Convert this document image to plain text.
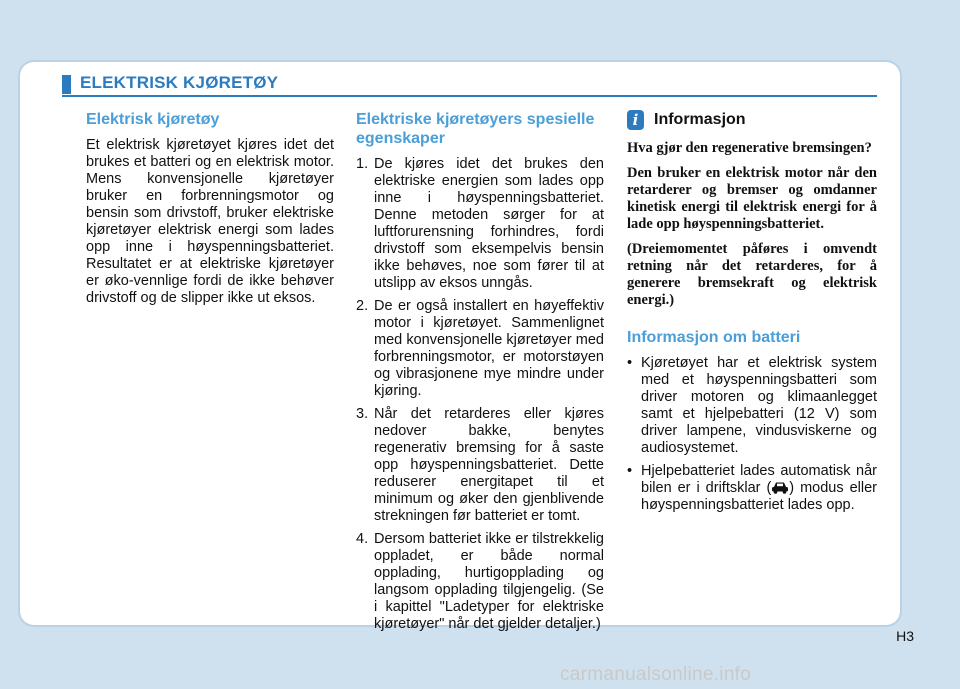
ELEKTRISK KJØRETØY
Elektrisk kjøretøy

Et elektrisk kjøretøyet kjøres idet det brukes et batteri og en elektrisk motor. Mens konvensjonelle kjøretøyer bruker en forbrenningsmotor og bensin som drivstoff, bruker elektriske kjøretøyer elektrisk energi som lades opp inne i høyspenningsbatteriet. Resultatet er at elektriske kjøretøyer er øko-vennlige fordi de ikke behøver drivstoff og de slipper ikke ut eksos.

Elektriske kjøretøyers spesielle egenskaper
1. De kjøres idet det brukes den elektriske energien som lades opp inne i høyspenningsbatteriet. Denne metoden sørger for at luftforurensning forhindres, fordi drivstoff som eksempelvis bensin ikke behøves, noe som fører til at utslipp av eksos unngås.
2. De er også installert en høyeffektiv motor i kjøretøyet. Sammenlignet med konvensjonelle kjøretøyer med forbrenningsmotor, er motorstøyen og vibrasjonene mye mindre under kjøring.
3. Når det retarderes eller kjøres nedover bakke, benytes regenerativ bremsing for å saste opp høyspenningsbatteriet. Dette reduserer energitapet til et minimum og øker den gjenblivende strekningen før batteriet er tomt.
4. Dersom batteriet ikke er tilstrekkelig oppladet, er både normal opplading, hurtigopplading og langsom opplading tilgjengelig. (Se i kapittel "Ladetyper for elektriske kjøretøyer" når det gjelder detaljer.)
i Informasjon

Hva gjør den regenerative bremsingen?

Den bruker en elektrisk motor når den retarderer og bremser og omdanner kinetisk energi til elektrisk energi for å lade opp høyspenningsbatteriet.

(Dreiemomentet påføres i omvendt retning når det retarderes, for å generere bremsekraft og elektrisk energi.)

Informasjon om batteri
• Kjøretøyet har et elektrisk system med et høyspenningsbatteri som driver motoren og klimaanlegget samt et hjelpebatteri (12 V) som driver lampene, vindusviskerne og audiosystemet.
• Hjelpebatteriet lades automatisk når bilen er i driftsklar ( ) modus eller høyspenningsbatteriet lades opp.
H3
carmanualsonline.info
